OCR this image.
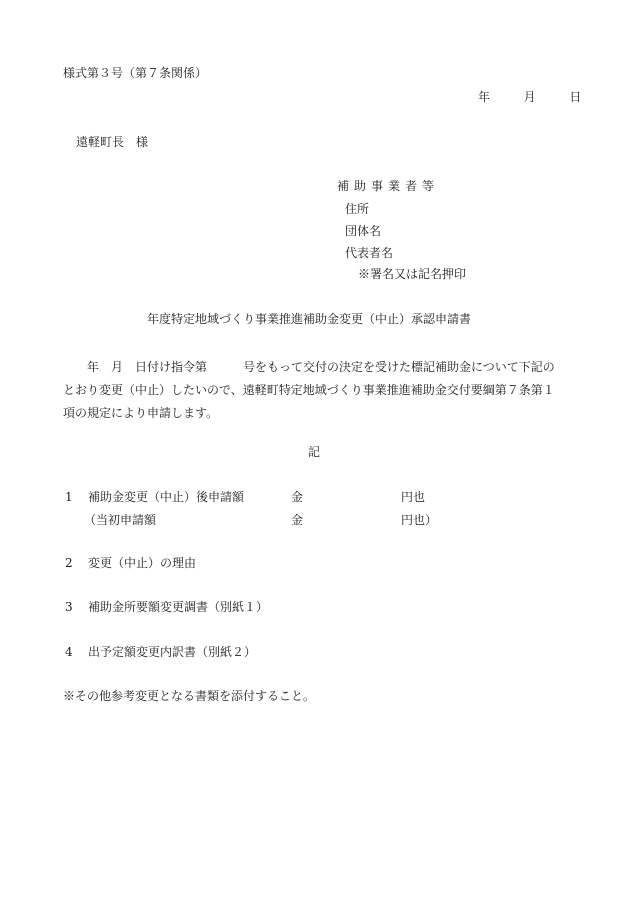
様式第３号（第７条関係）
年	月	日
遠軽町長　様
補助事業者等
住所
団体名
代表者名
※署名又は記名押印
年度特定地域づくり事業推進補助金変更（中止）承認申請書

　　年　月　日付け指令第　　　号をもって交付の決定を受けた標記補助金について下記の

とおり変更（中止）したいので、遠軽町特定地域づくり事業推進補助金交付要綱第７条第１

項の規定により申請します。

記
1 補助金変更（中止）後申請額	金	円也
（当初申請額	金	円也）
2 変更（中止）の理由
3 補助金所要額変更調書（別紙１）
4 出予定額変更内訳書（別紙２）
※その他参考変更となる書類を添付すること。
